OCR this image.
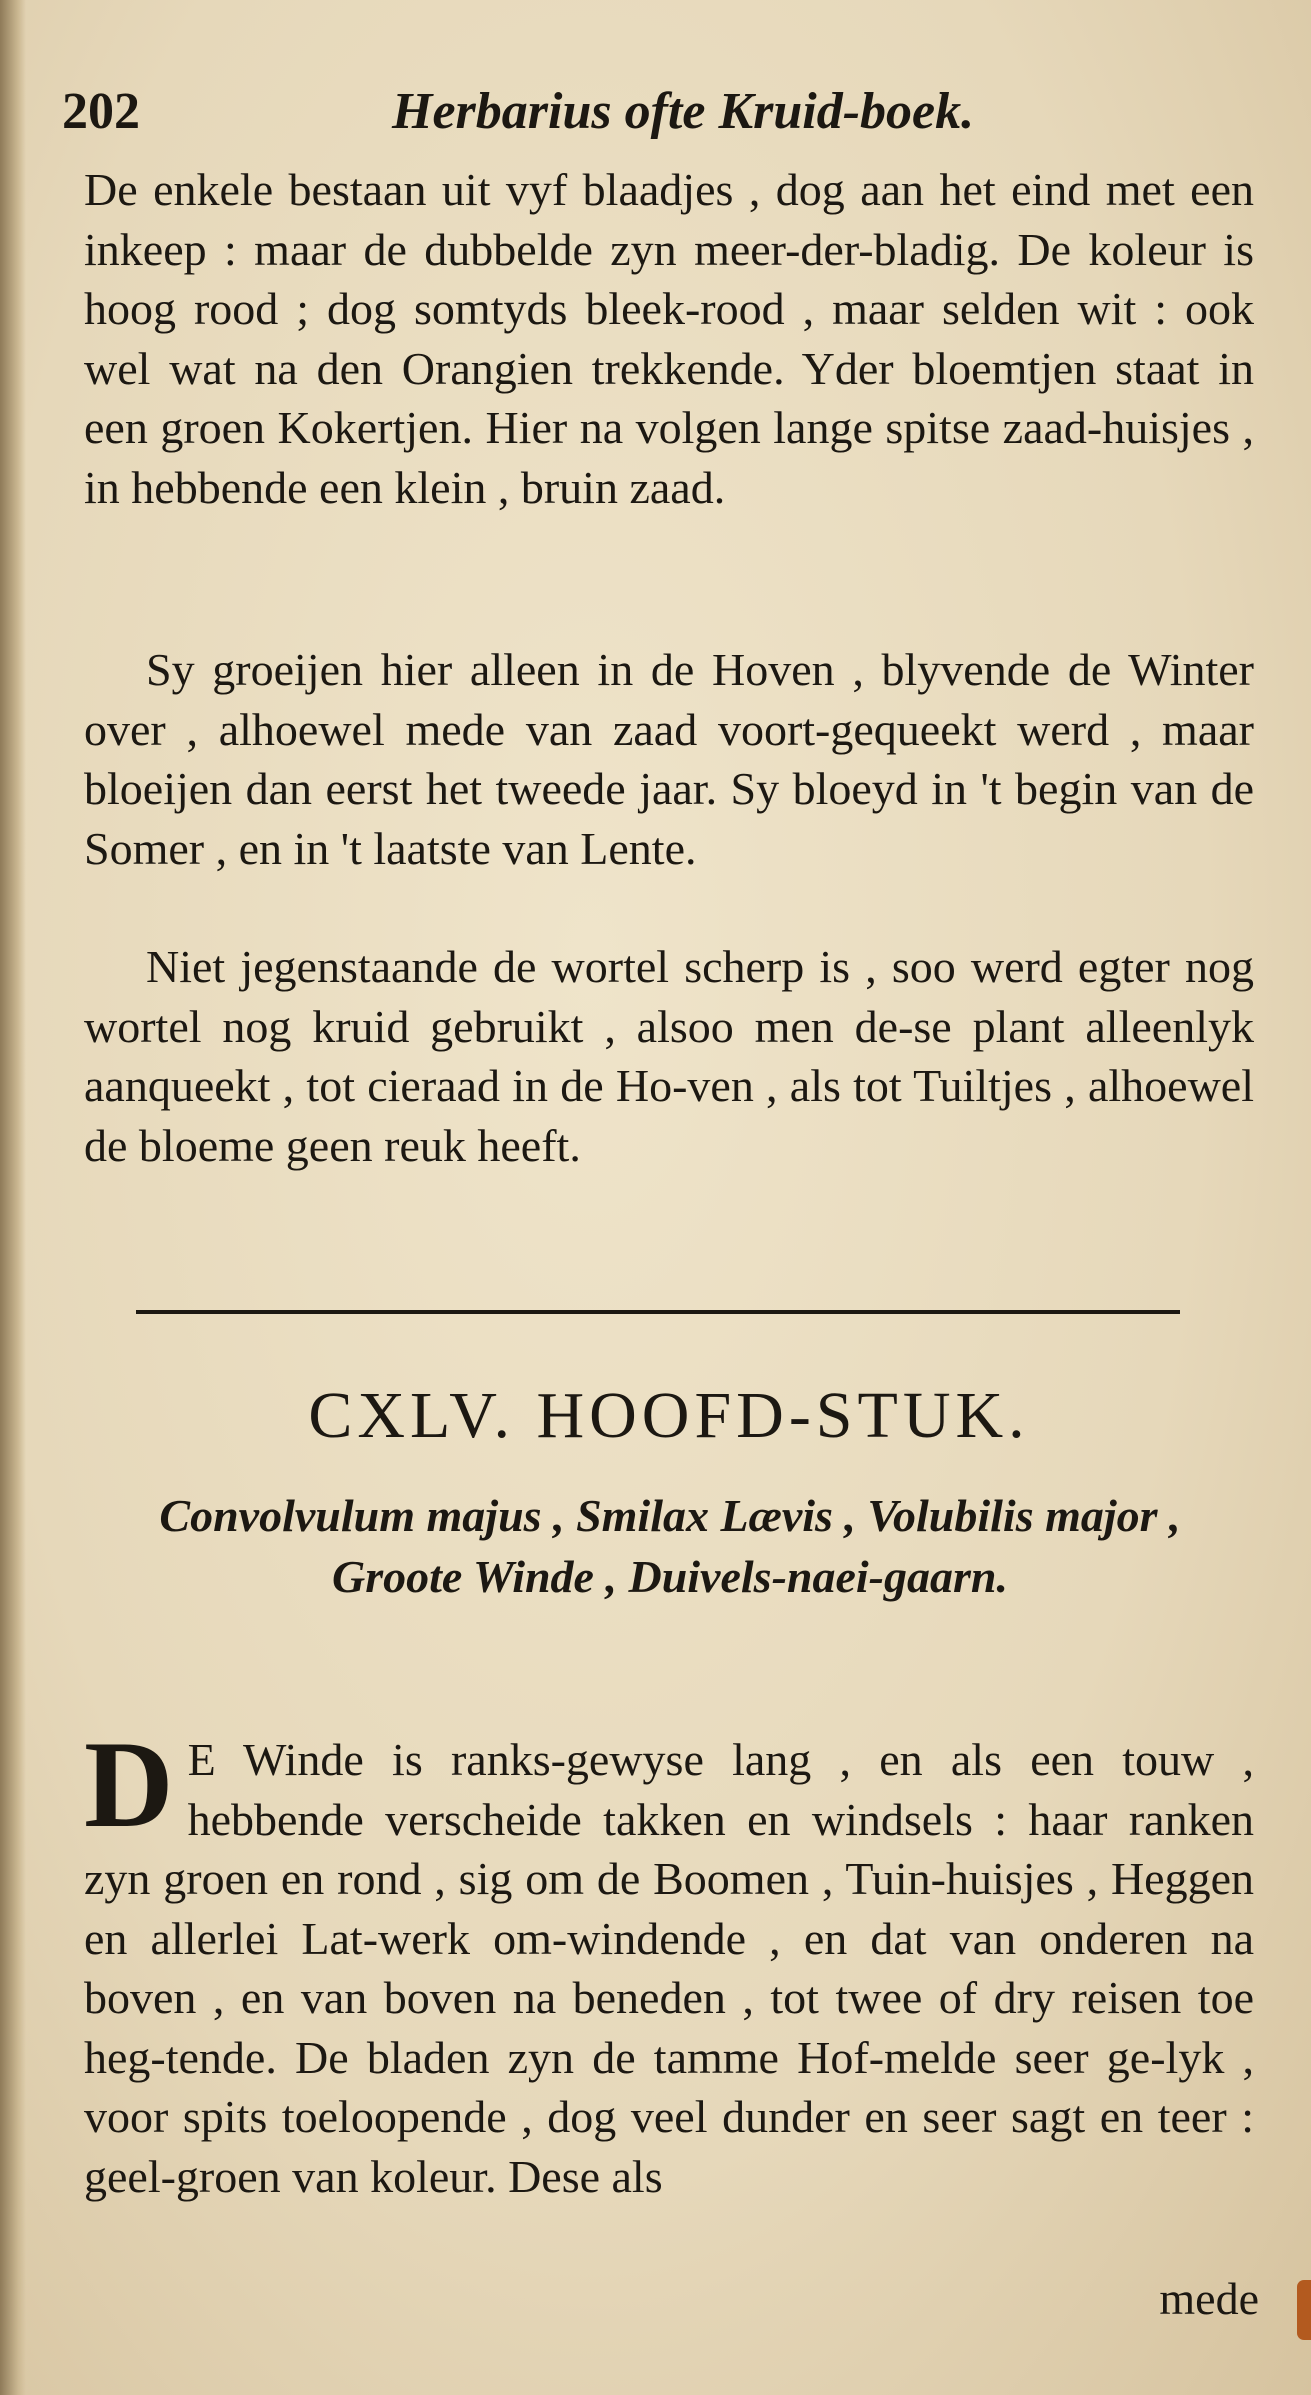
202	Herbarius ofte Kruid-boek.

De enkele bestaan uit vyf blaadjes , dog aan het eind met een inkeep : maar de dubbelde zyn meer-der-bladig. De koleur is hoog rood ; dog somtyds bleek-rood , maar selden wit : ook wel wat na den Orangien trekkende. Yder bloemtjen staat in een groen Kokertjen. Hier na volgen lange spitse zaad-huisjes , in hebbende een klein , bruin zaad.

Sy groeijen hier alleen in de Hoven , blyvende de Winter over , alhoewel mede van zaad voort-gequeekt werd , maar bloeijen dan eerst het tweede jaar. Sy bloeyd in 't begin van de Somer , en in 't laatste van Lente.

Niet jegenstaande de wortel scherp is , soo werd egter nog wortel nog kruid gebruikt , alsoo men de-se plant alleenlyk aanqueekt , tot cieraad in de Ho-ven , als tot Tuiltjes , alhoewel de bloeme geen reuk heeft.

CXLV. HOOFD-STUK.

Convolvulum majus , Smilax Lævis , Volubilis major , Groote Winde , Duivels-naei-gaarn.

D E Winde is ranks-gewyse lang , en als een touw , hebbende verscheide takken en windsels : haar ranken zyn groen en rond , sig om de Boomen , Tuin-huisjes , Heggen en allerlei Lat-werk om-windende , en dat van onderen na boven , en van boven na beneden , tot twee of dry reisen toe heg-tende. De bladen zyn de tamme Hof-melde seer ge-lyk , voor spits toeloopende , dog veel dunder en seer sagt en teer : geel-groen van koleur. Dese als

mede
